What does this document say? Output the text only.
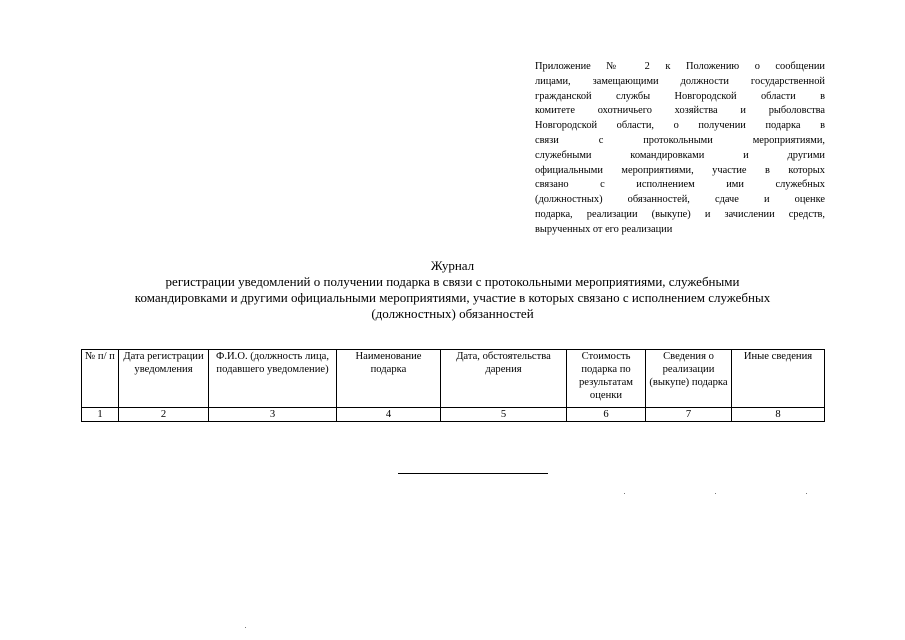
Приложение № 2 к Положению о сообщении
лицами, замещающими должности государственной
гражданской службы Новгородской области в
комитете охотничьего хозяйства и рыболовства
Новгородской области, о получении подарка в
связи с протокольными мероприятиями,
служебными командировками и другими
официальными мероприятиями, участие в которых
связано с исполнением ими служебных
(должностных) обязанностей, сдаче и оценке
подарка, реализации (выкупе) и зачислении средств,
вырученных от его реализации
Журнал
регистрации уведомлений о получении подарка в связи с протокольными мероприятиями, служебными
командировками и другими официальными мероприятиями, участие в которых связано с исполнением служебных
(должностных) обязанностей
№ п/ п	Дата регистрации уведомления	Ф.И.О. (должность лица, подавшего уведомление)	Наименование подарка	Дата, обстоятельства дарения	Стоимость подарка по результатам оценки	Сведения о реализации (выкупе) подарка	Иные сведения
1	2	3	4	5	6	7	8
